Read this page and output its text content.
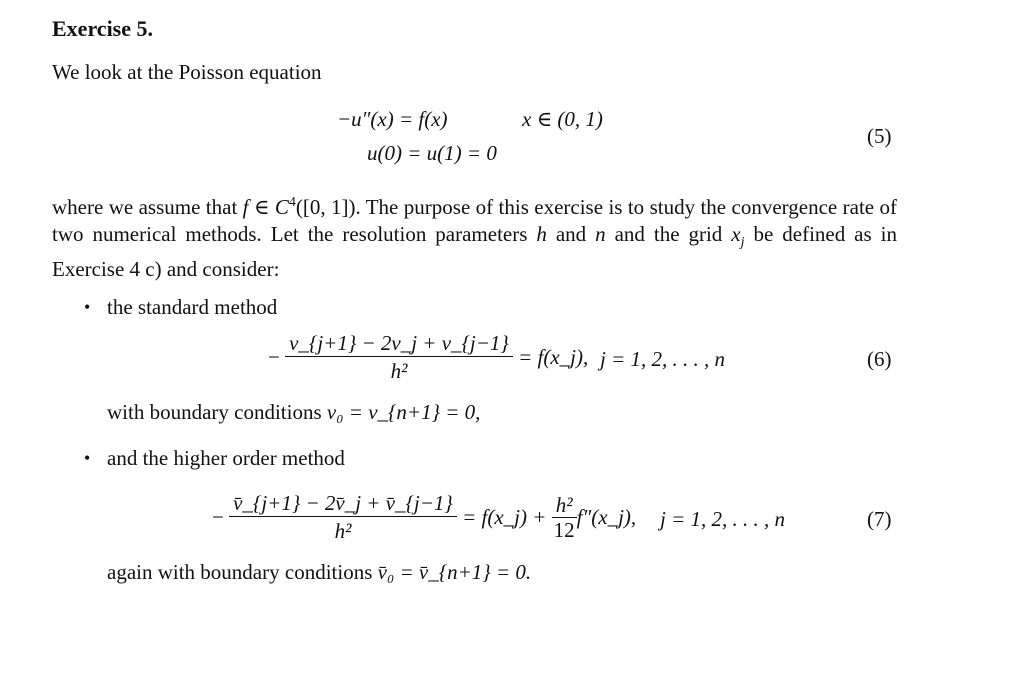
Exercise 5.
We look at the Poisson equation
−u″(x) = f(x)	x ∈ (0, 1)
u(0) = u(1) = 0
(5)
where we assume that f ∈ $C^4([0$, 1]). The purpose of this exercise is to study the convergence rate of two numerical methods. Let the resolution parameters h and n and the grid $x_j$ be defined as in Exercise 4 c) and consider:
• the standard method
− $\frac{v\_\{j+1\} - 2v\_j + v\_\{j-1\}}{\text{h²}}$ = f(x_j), j = 1, 2, . . . , n	(6)
with boundary conditions v₀ = v_{n+1} = 0,
• and the higher order method
− $\frac{v̄\_\{j+1\} - 2v̄\_j + v̄\_\{j-1\}}{\text{h²}}$ = f(x_j) + $\frac{\text{h²}}{12}$ f″(x_j), j = 1, 2, . . . , n	(7)
again with boundary conditions v̄₀ = v̄_{n+1} = 0.
